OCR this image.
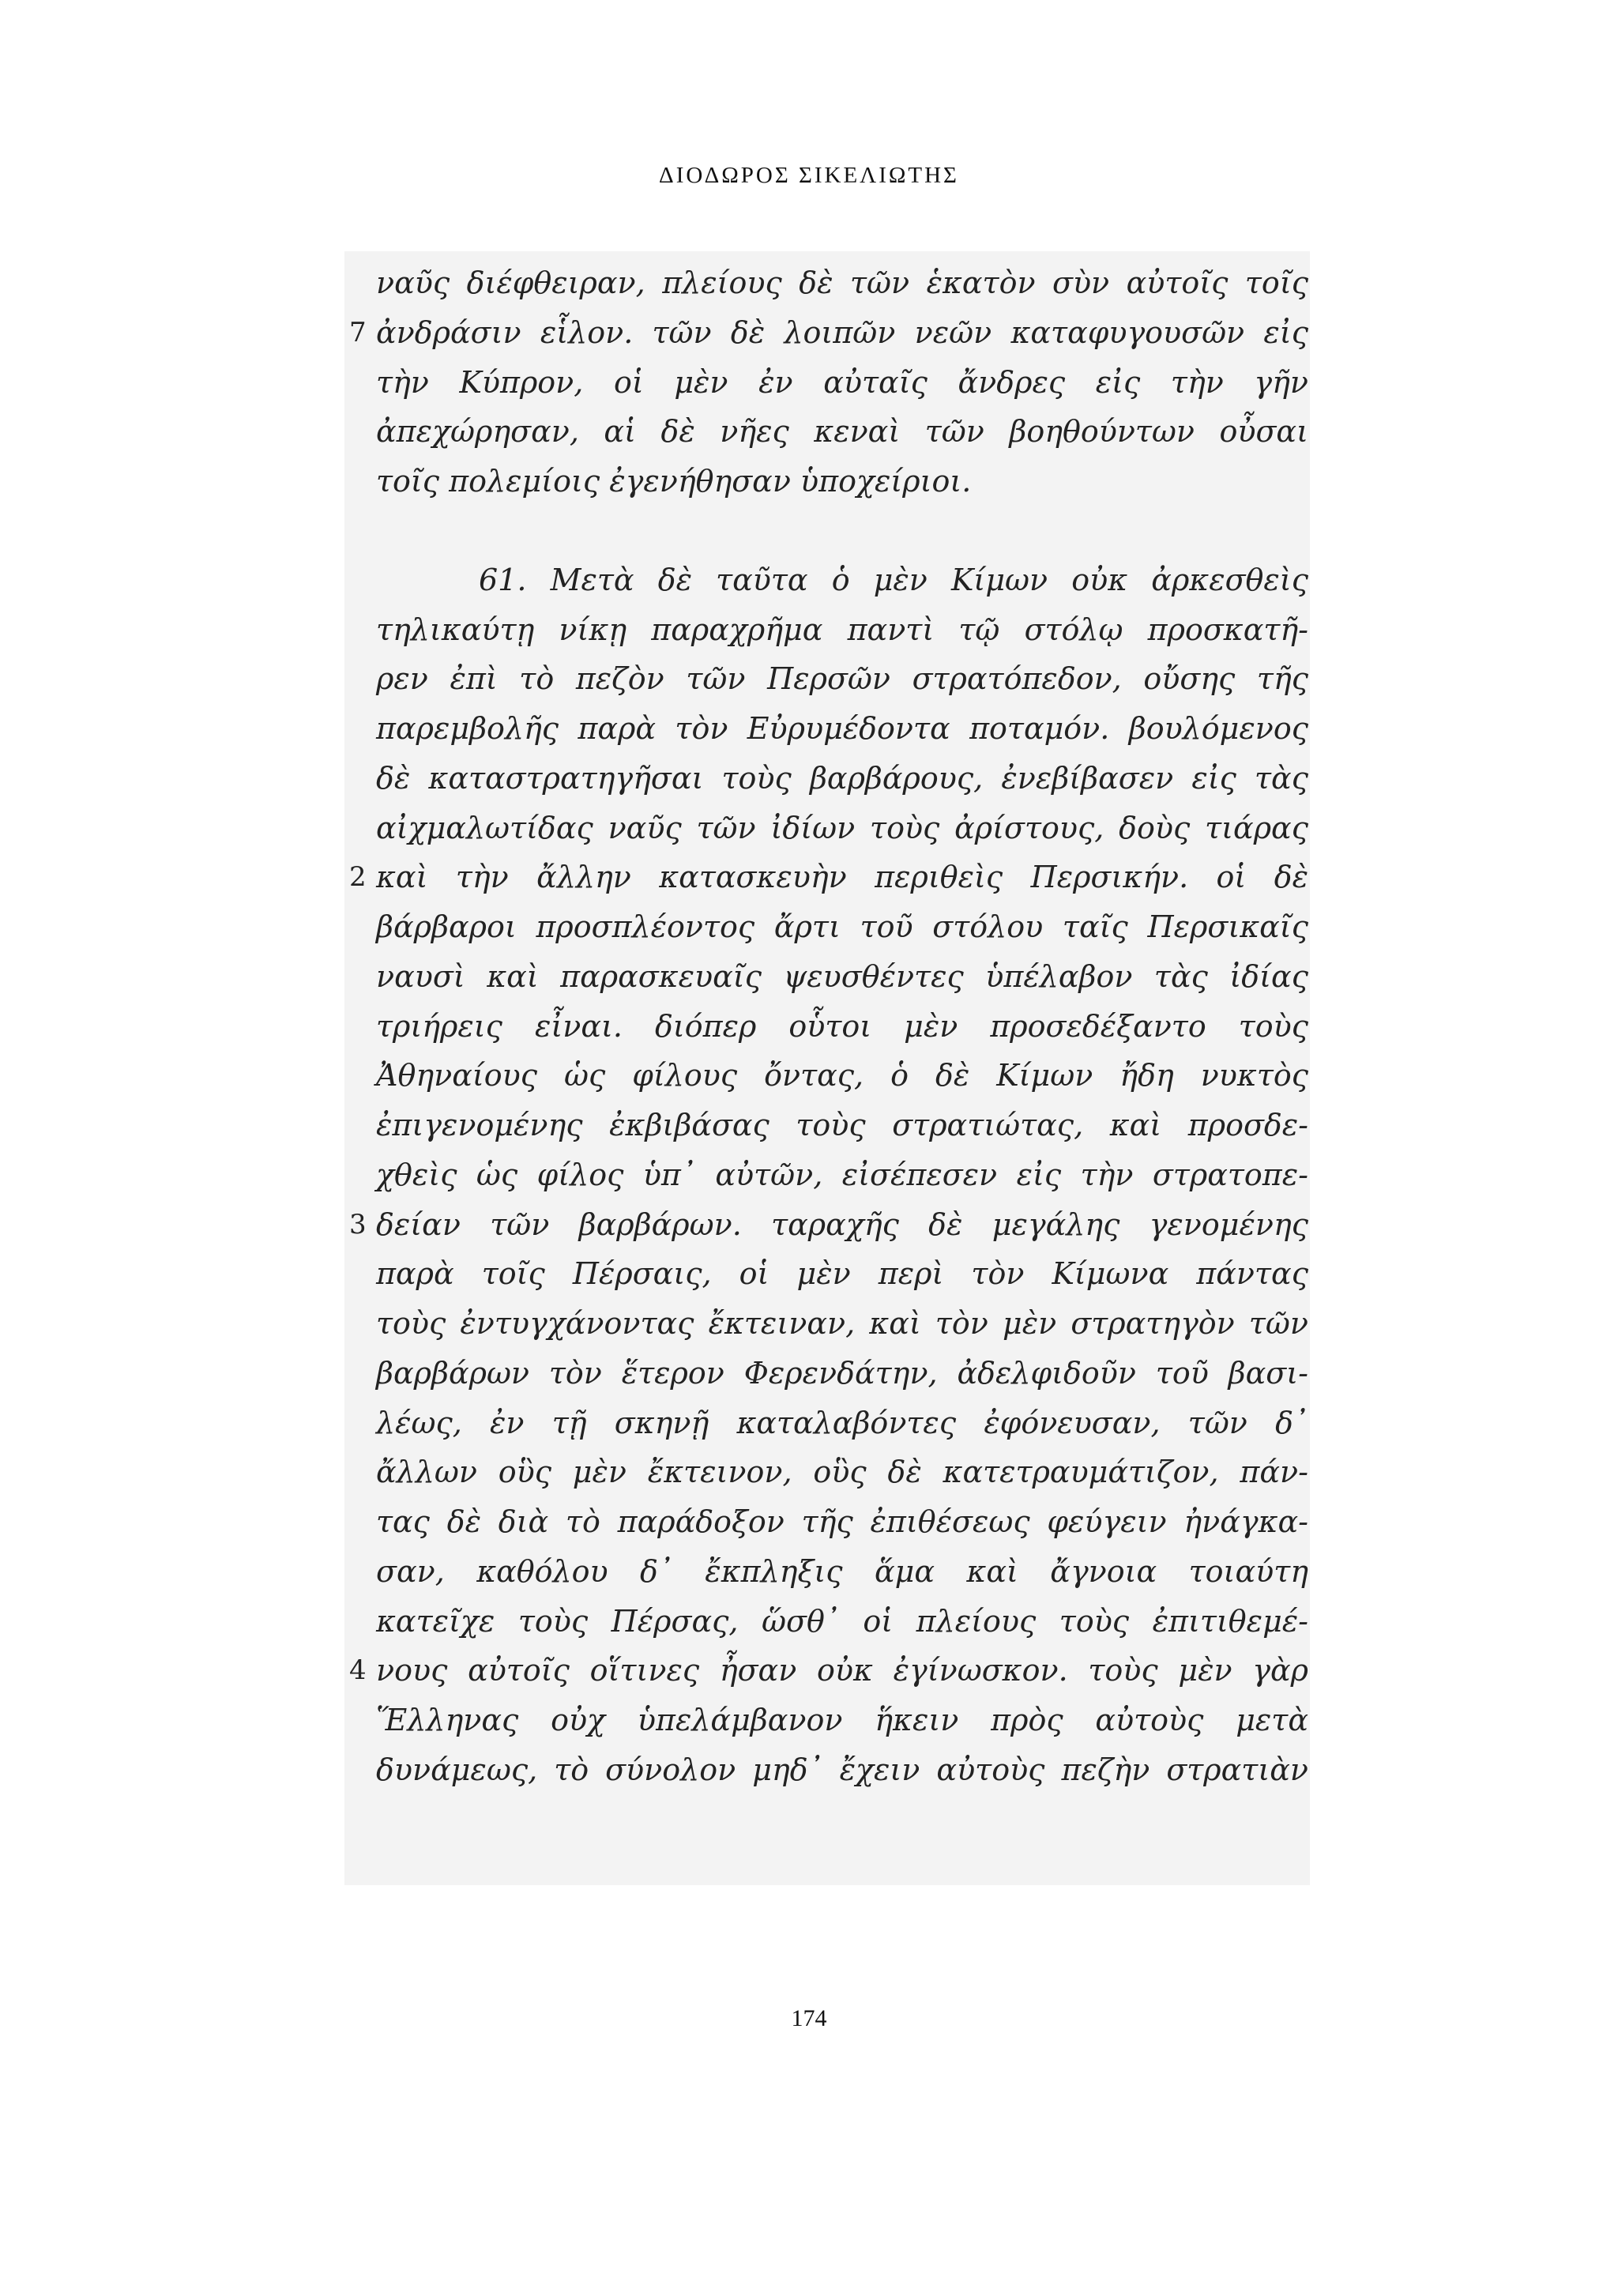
ΔΙΟΔΩΡΟΣ ΣΙΚΕΛΙΩΤΗΣ
ναῦς διέφθειραν, πλείους δὲ τῶν ἑκατὸν σὺν αὐτοῖς τοῖς
7 ἀνδράσιν εἷλον. τῶν δὲ λοιπῶν νεῶν καταφυγουσῶν εἰς
τὴν Κύπρον, οἱ μὲν ἐν αὐταῖς ἄνδρες εἰς τὴν γῆν
ἀπεχώρησαν, αἱ δὲ νῆες κεναὶ τῶν βοηθούντων οὖσαι
τοῖς πολεμίοις ἐγενήθησαν ὑποχείριοι.
61. Μετὰ δὲ ταῦτα ὁ μὲν Κίμων οὐκ ἀρκεσθεὶς
τηλικαύτῃ νίκῃ παραχρῆμα παντὶ τῷ στόλῳ προσκατῆ-
ρεν ἐπὶ τὸ πεζὸν τῶν Περσῶν στρατόπεδον, οὔσης τῆς
παρεμβολῆς παρὰ τὸν Εὐρυμέδοντα ποταμόν. βουλόμενος
δὲ καταστρατηγῆσαι τοὺς βαρβάρους, ἐνεβίβασεν εἰς τὰς
αἰχμαλωτίδας ναῦς τῶν ἰδίων τοὺς ἀρίστους, δοὺς τιάρας
2 καὶ τὴν ἄλλην κατασκευὴν περιθεὶς Περσικήν. οἱ δὲ
βάρβαροι προσπλέοντος ἄρτι τοῦ στόλου ταῖς Περσικαῖς
ναυσὶ καὶ παρασκευαῖς ψευσθέντες ὑπέλαβον τὰς ἰδίας
τριήρεις εἶναι. διόπερ οὗτοι μὲν προσεδέξαντο τοὺς
Ἀθηναίους ὡς φίλους ὄντας, ὁ δὲ Κίμων ἤδη νυκτὸς
ἐπιγενομένης ἐκβιβάσας τοὺς στρατιώτας, καὶ προσδε-
χθεὶς ὡς φίλος ὑπ᾽ αὐτῶν, εἰσέπεσεν εἰς τὴν στρατοπε-
3 δείαν τῶν βαρβάρων. ταραχῆς δὲ μεγάλης γενομένης
παρὰ τοῖς Πέρσαις, οἱ μὲν περὶ τὸν Κίμωνα πάντας
τοὺς ἐντυγχάνοντας ἔκτειναν, καὶ τὸν μὲν στρατηγὸν τῶν
βαρβάρων τὸν ἕτερον Φερενδάτην, ἀδελφιδοῦν τοῦ βασι-
λέως, ἐν τῇ σκηνῇ καταλαβόντες ἐφόνευσαν, τῶν δ᾽
ἄλλων οὓς μὲν ἔκτεινον, οὓς δὲ κατετραυμάτιζον, πάν-
τας δὲ διὰ τὸ παράδοξον τῆς ἐπιθέσεως φεύγειν ἠνάγκα-
σαν, καθόλου δ᾽ ἔκπληξις ἅμα καὶ ἄγνοια τοιαύτη
κατεῖχε τοὺς Πέρσας, ὥσθ᾽ οἱ πλείους τοὺς ἐπιτιθεμέ-
4 νους αὐτοῖς οἵτινες ἦσαν οὐκ ἐγίνωσκον. τοὺς μὲν γὰρ
Ἕλληνας οὐχ ὑπελάμβανον ἥκειν πρὸς αὐτοὺς μετὰ
δυνάμεως, τὸ σύνολον μηδ᾽ ἔχειν αὐτοὺς πεζὴν στρατιὰν
174
